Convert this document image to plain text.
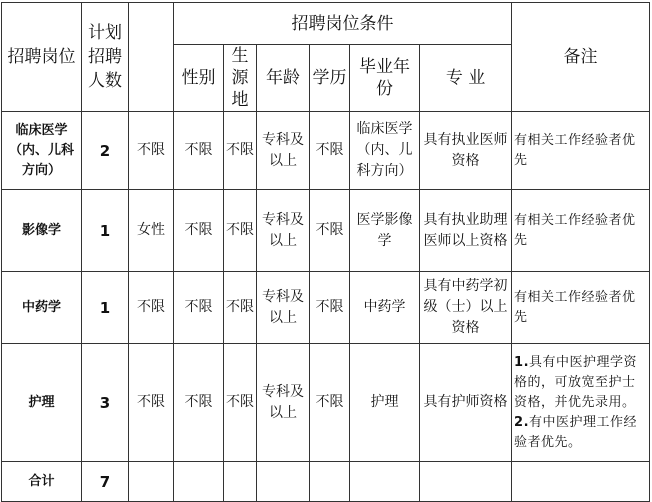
招聘岗位	计划招聘人数		招聘岗位条件						备注	
			性别	生源地	年龄	学历	毕业年份	专 业	
临床医学（内、儿科方向）	2	不限	不限	不限	专科及以上	不限	临床医学（内、儿科方向）	具有执业医师资格	有相关工作经验者优先	
影像学	1	女性	不限	不限	专科及以上	不限	医学影像学	具有执业助理医师以上资格	有相关工作经验者优先	
中药学	1	不限	不限	不限	专科及以上	不限	中药学	具有中药学初级（士）以上资格	有相关工作经验者优先	
护理	3	不限	不限	不限	专科及以上	不限	护理	具有护师资格	1.具有中医护理学资格的，可放宽至护士资格，并优先录用。
2.有中医护理工作经验者优先。	
合计	7									
